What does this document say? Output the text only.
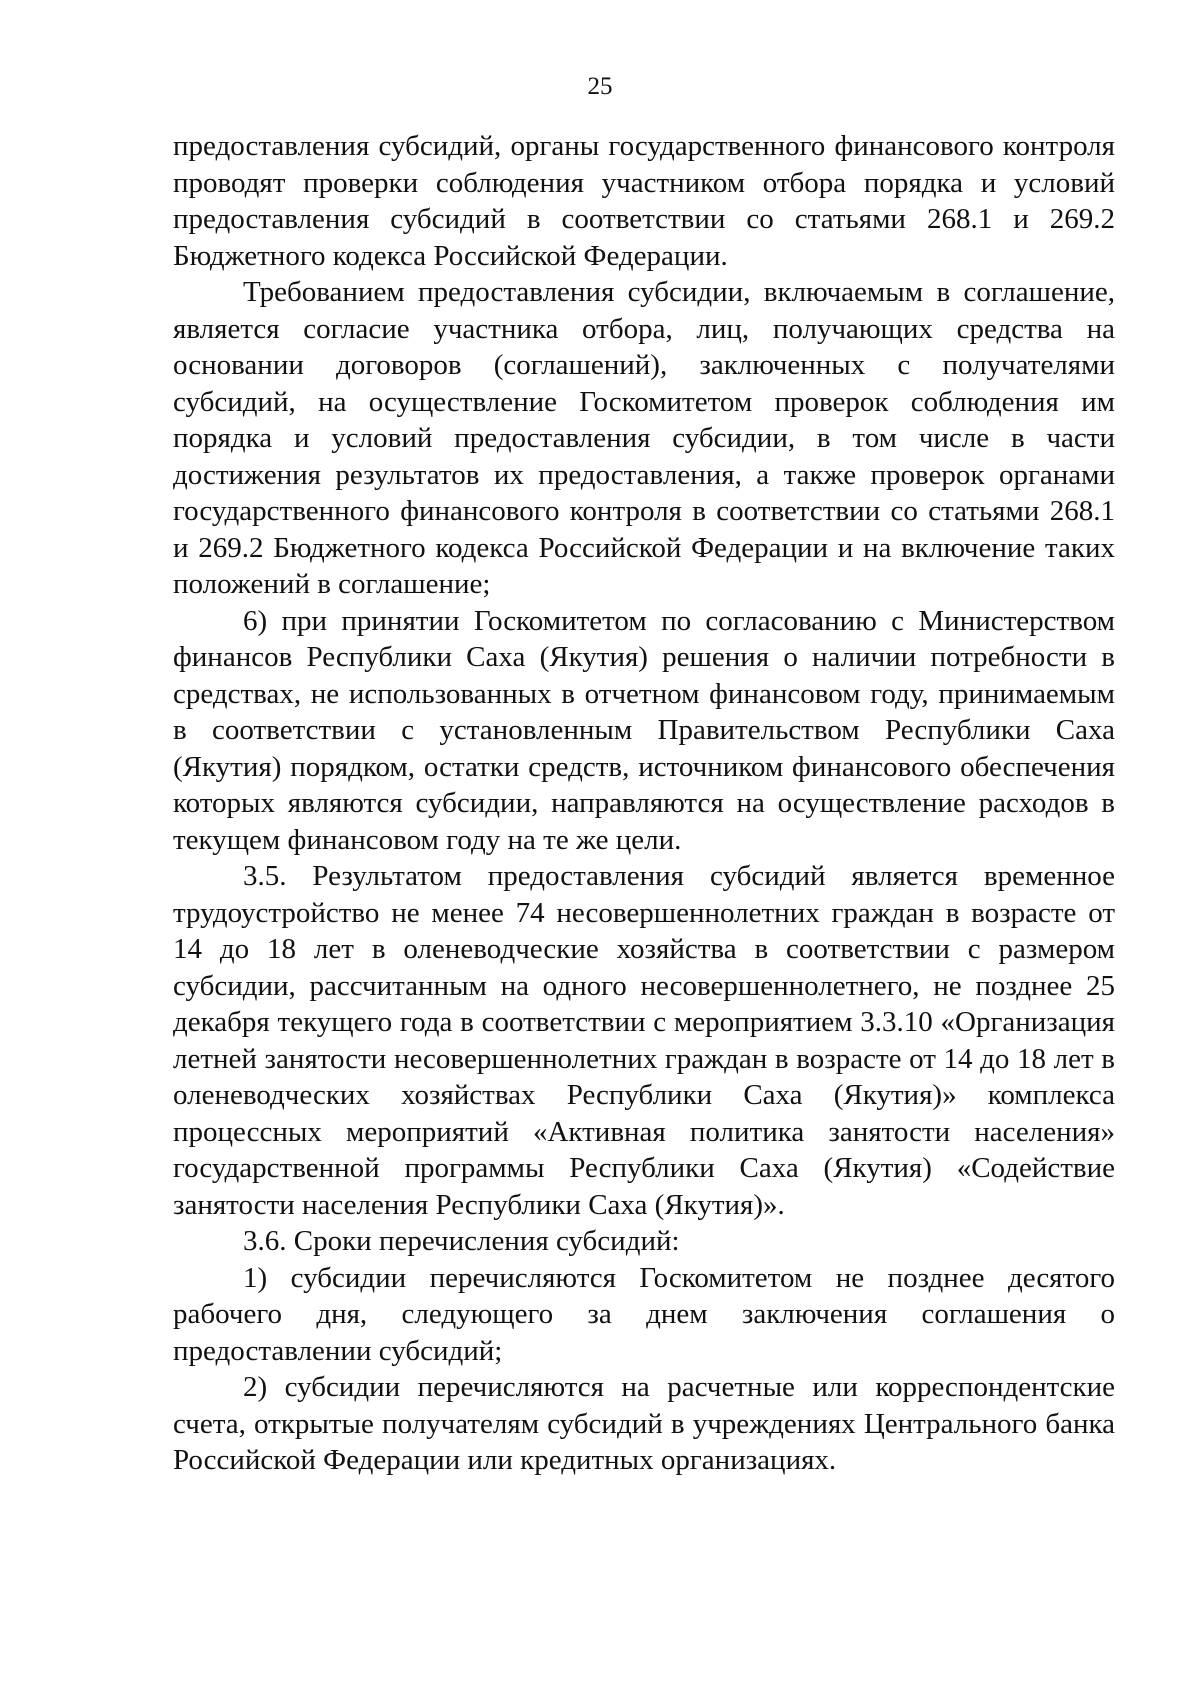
25

предоставления субсидий, органы государственного финансового контроля проводят проверки соблюдения участником отбора порядка и условий предоставления субсидий в соответствии со статьями 268.1 и 269.2 Бюджетного кодекса Российской Федерации.

Требованием предоставления субсидии, включаемым в соглашение, является согласие участника отбора, лиц, получающих средства на основании договоров (соглашений), заключенных с получателями субсидий, на осуществление Госкомитетом проверок соблюдения им порядка и условий предоставления субсидии, в том числе в части достижения результатов их предоставления, а также проверок органами государственного финансового контроля в соответствии со статьями 268.1 и 269.2 Бюджетного кодекса Российской Федерации и на включение таких положений в соглашение;

6) при принятии Госкомитетом по согласованию с Министерством финансов Республики Саха (Якутия) решения о наличии потребности в средствах, не использованных в отчетном финансовом году, принимаемым в соответствии с установленным Правительством Республики Саха (Якутия) порядком, остатки средств, источником финансового обеспечения которых являются субсидии, направляются на осуществление расходов в текущем финансовом году на те же цели.

3.5. Результатом предоставления субсидий является временное трудоустройство не менее 74 несовершеннолетних граждан в возрасте от 14 до 18 лет в оленеводческие хозяйства в соответствии с размером субсидии, рассчитанным на одного несовершеннолетнего, не позднее 25 декабря текущего года в соответствии с мероприятием 3.3.10 «Организация летней занятости несовершеннолетних граждан в возрасте от 14 до 18 лет в оленеводческих хозяйствах Республики Саха (Якутия)» комплекса процессных мероприятий «Активная политика занятости населения» государственной программы Республики Саха (Якутия) «Содействие занятости населения Республики Саха (Якутия)».

3.6. Сроки перечисления субсидий:

1) субсидии перечисляются Госкомитетом не позднее десятого рабочего дня, следующего за днем заключения соглашения о предоставлении субсидий;

2) субсидии перечисляются на расчетные или корреспондентские счета, открытые получателям субсидий в учреждениях Центрального банка Российской Федерации или кредитных организациях.
